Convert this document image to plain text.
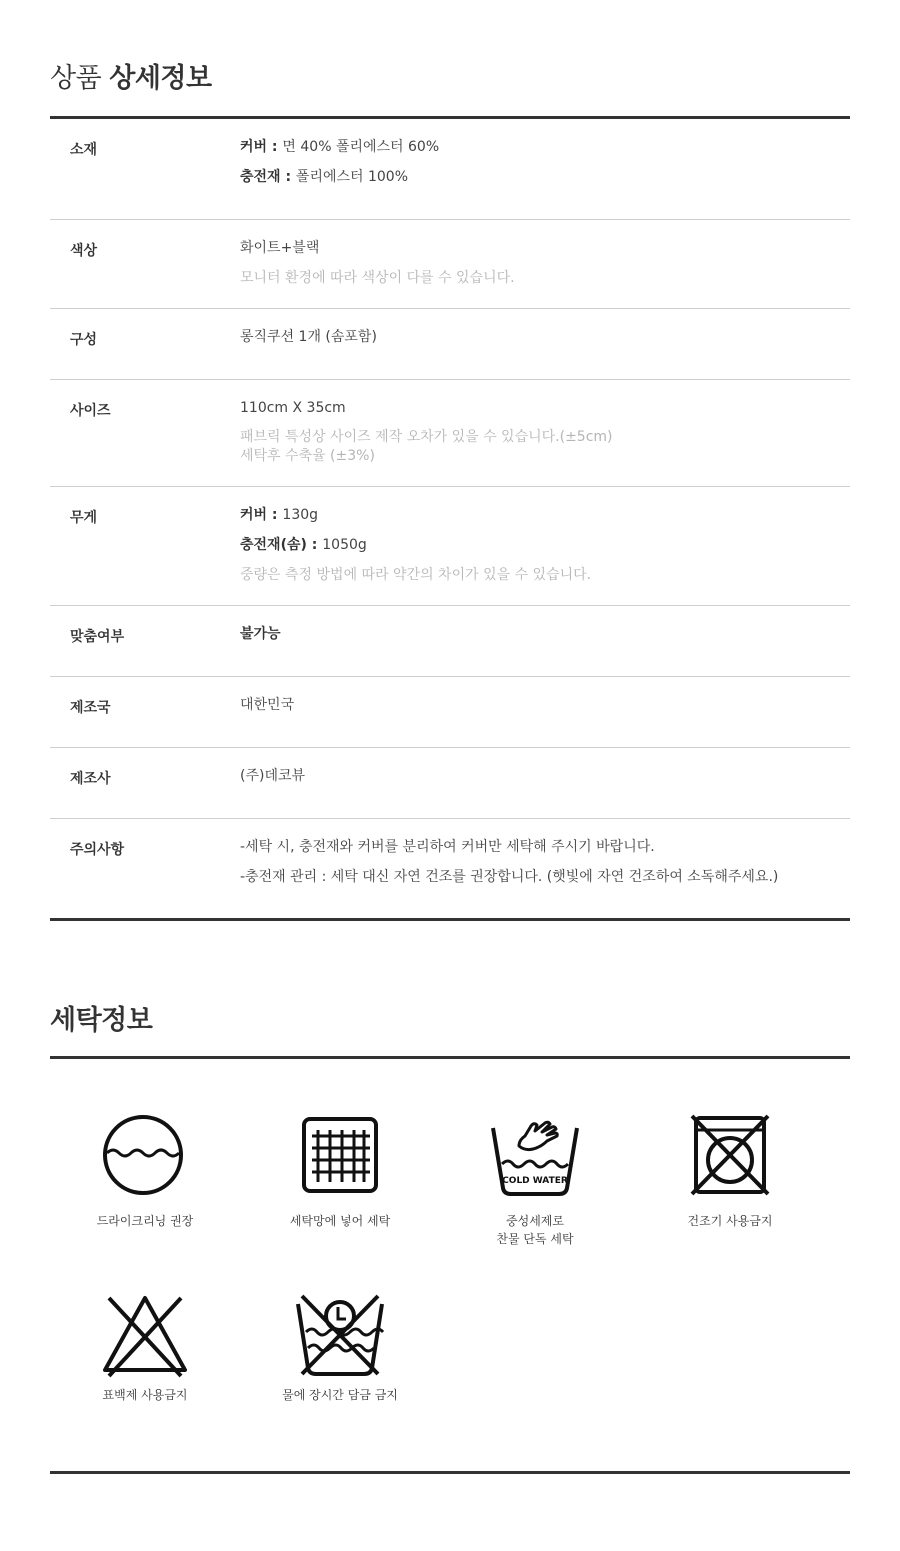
상품 상세정보
소재	커버 : 면 40% 폴리에스터 60%
충전재 : 폴리에스터 100%
색상	화이트+블랙
모니터 환경에 따라 색상이 다를 수 있습니다.
구성	롱직쿠션 1개 (솜포함)
사이즈	110cm X 35cm
패브릭 특성상 사이즈 제작 오차가 있을 수 있습니다.(±5cm)
세탁후 수축율 (±3%)
무게	커버 : 130g
충전재(솜) : 1050g
중량은 측정 방법에 따라 약간의 차이가 있을 수 있습니다.
맞춤여부	불가능
제조국	대한민국
제조사	(주)데코뷰
주의사항	-세탁 시, 충전재와 커버를 분리하여 커버만 세탁해 주시기 바랍니다.
-충전재 관리 : 세탁 대신 자연 건조를 권장합니다. (햇빛에 자연 건조하여 소독해주세요.)
세탁정보
드라이크리닝 권장	세탁망에 넣어 세탁
COLD WATER
중성세제로
찬물 단독 세탁
건조기 사용금지
표백제 사용금지	물에 장시간 담금 금지
